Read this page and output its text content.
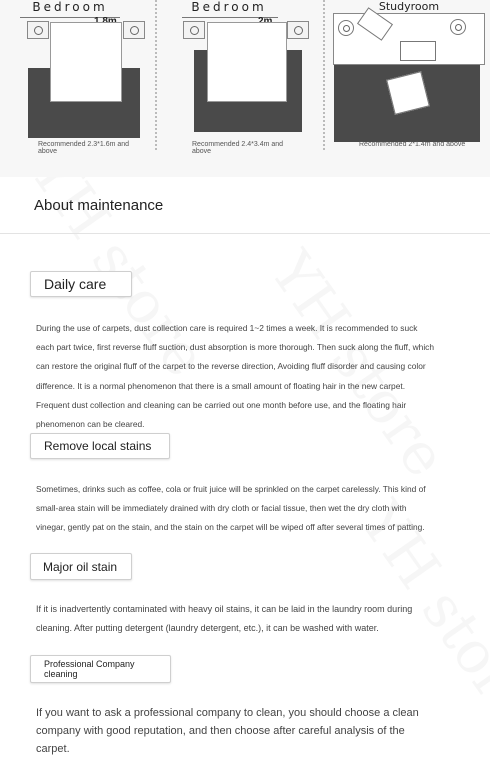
Bedroom
Recommended 2.3*1.6m and above
Bedroom
Recommended 2.4*3.4m and above
Studyroom
Recommended 2*1.4m and above
About maintenance
Daily care
During the use of carpets, dust collection care is required 1~2 times a week. It is recommended to suck each part twice, first reverse fluff suction, dust absorption is more thorough. Then suck along the fluff, which can restore the original fluff of the carpet to the reverse direction, Avoiding fluff disorder and causing color difference. It is a normal phenomenon that there is a small amount of floating hair in the new carpet. Frequent dust collection and cleaning can be carried out one month before use, and the floating hair phenomenon can be cleared.
Remove local stains
Sometimes, drinks such as coffee, cola or fruit juice will be sprinkled on the carpet carelessly. This kind of small-area stain will be immediately drained with dry cloth or facial tissue, then wet the dry cloth with vinegar, gently pat on the stain, and the stain on the carpet will be wiped off after several times of patting.
Major oil stain
If it is inadvertently contaminated with heavy oil stains, it can be laid in the laundry room during cleaning. After putting detergent (laundry detergent, etc.), it can be washed with water.
Professional Company cleaning
If you want to ask a professional company to clean, you should choose a clean company with good reputation, and then choose after careful analysis of the carpet.
